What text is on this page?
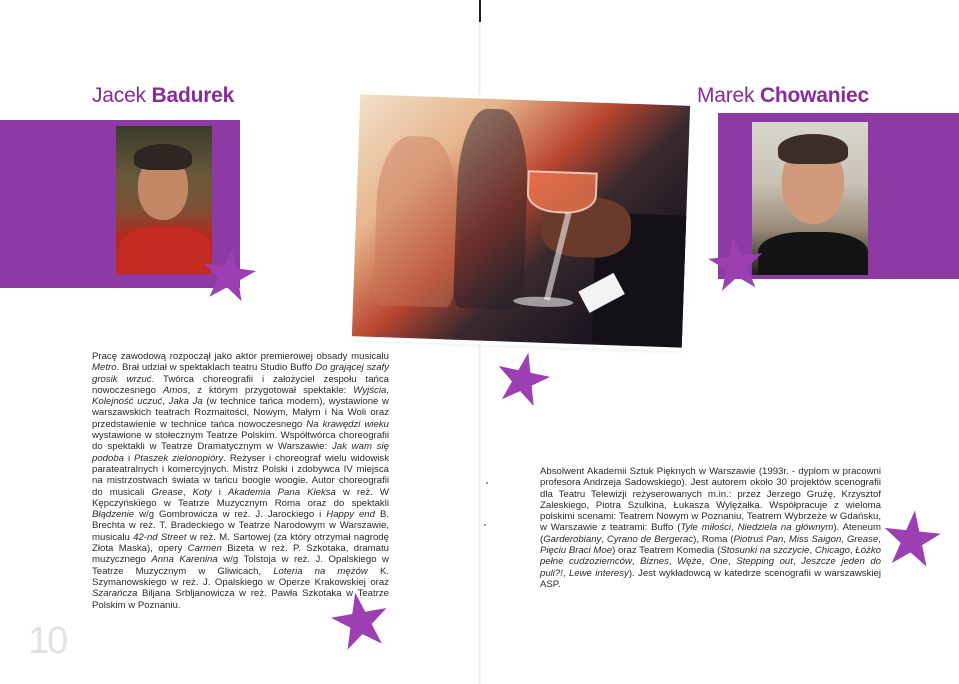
Jacek Badurek	Marek Chowaniec
Pracę zawodową rozpoczął jako aktor premierowej obsady musicalu Metro. Brał udział w spektaklach teatru Studio Buffo Do grającej szafy grosik wrzuć. Twórca choreografii i założyciel zespołu tańca nowoczesnego Amos, z którym przygotował spektakle: Wyjścia, Kolejność uczuć, Jaka Ja (w technice tańca modern), wystawione w warszawskich teatrach Rozmaitości, Nowym, Małym i Na Woli oraz przedstawienie w technice tańca nowoczesnego Na krawędzi wieku wystawione w stołecznym Teatrze Polskim. Współtwórca choreografii do spektakli w Teatrze Dramatycznym w Warszawie: Jak wam się podoba i Ptaszek zielonopióry. Reżyser i choreograf wielu widowisk parateatralnych i komercyjnych. Mistrz Polski i zdobywca IV miejsca na mistrzostwach świata w tańcu boogie woogie. Autor choreografii do musicali Grease, Koty i Akademia Pana Kleksa w reż. W Kępczyńskiego w Teatrze Muzycznym Roma oraz do spektakli Błądzenie w/g Gombrowicza w reż. J. Jarockiego i Happy end B. Brechta w reż. T. Bradeckiego w Teatrze Narodowym w Warszawie, musicalu 42-nd Street w reż. M. Sartowej (za który otrzymał nagrodę Złota Maska), opery Carmen Bizeta w reż. P. Szkotaka, dramatu muzycznego Anna Karenina w/g Tolstoja w reż. J. Opalskiego w Teatrze Muzycznym w Gliwicach, Loteria na mężów K. Szymanowskiego w reż. J. Opalskiego w Operze Krakowskiej oraz Szarańcza Biljana Srbljanowicza w reż. Pawła Szkotaka w Teatrze Polskim w Poznaniu.
Absolwent Akademii Sztuk Pięknych w Warszawie (1993r. - dyplom w pracowni profesora Andrzeja Sadowskiego). Jest autorem około 30 projektów scenografii dla Teatru Telewizji reżyserowanych m.in.: przez Jerzego Grużę, Krzysztof Zaleskiego, Piotra Szulkina, Łukasza Wylężałka. Współpracuje z wieloma polskimi scenami: Teatrem Nowym w Poznaniu, Teatrem Wybrzeże w Gdańsku, w Warszawie z teatrami: Buffo (Tyle miłości, Niedziela na głównym). Ateneum (Garderobiany, Cyrano de Bergerac), Roma (Piotruś Pan, Miss Saigon, Grease, Pięciu Braci Moe) oraz Teatrem Komedia (Stosunki na szczycie, Chicago, Łóżko pełne cudzoziemców, Biznes, Węże, One, Stepping out, Jeszcze jeden do puli?!, Lewe interesy). Jest wykładowcą w katedrze scenografii w warszawskiej ASP.
10
